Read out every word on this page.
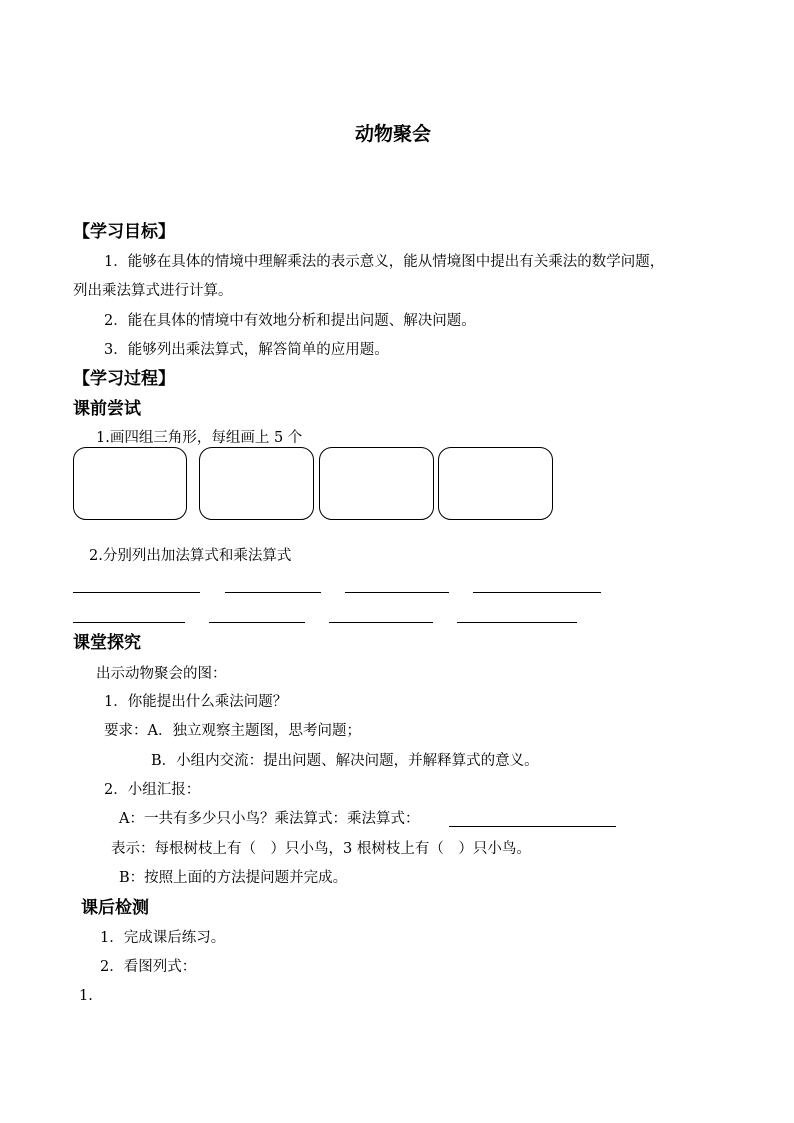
动物聚会
【学习目标】
1．能够在具体的情境中理解乘法的表示意义，能从情境图中提出有关乘法的数学问题，
列出乘法算式进行计算。
2．能在具体的情境中有效地分析和提出问题、解决问题。
3．能够列出乘法算式，解答简单的应用题。
【学习过程】
课前尝试
1.画四组三角形，每组画上 5 个
2.分别列出加法算式和乘法算式
课堂探究
出示动物聚会的图：
1．你能提出什么乘法问题？
要求：A．独立观察主题图，思考问题；
B．小组内交流：提出问题、解决问题，并解释算式的意义。
2．小组汇报：
A：一共有多少只小鸟？乘法算式：乘法算式：
表示：每根树枝上有（　）只小鸟，3 根树枝上有（　）只小鸟。
B：按照上面的方法提问题并完成。
课后检测
1．完成课后练习。
2．看图列式：
1.
